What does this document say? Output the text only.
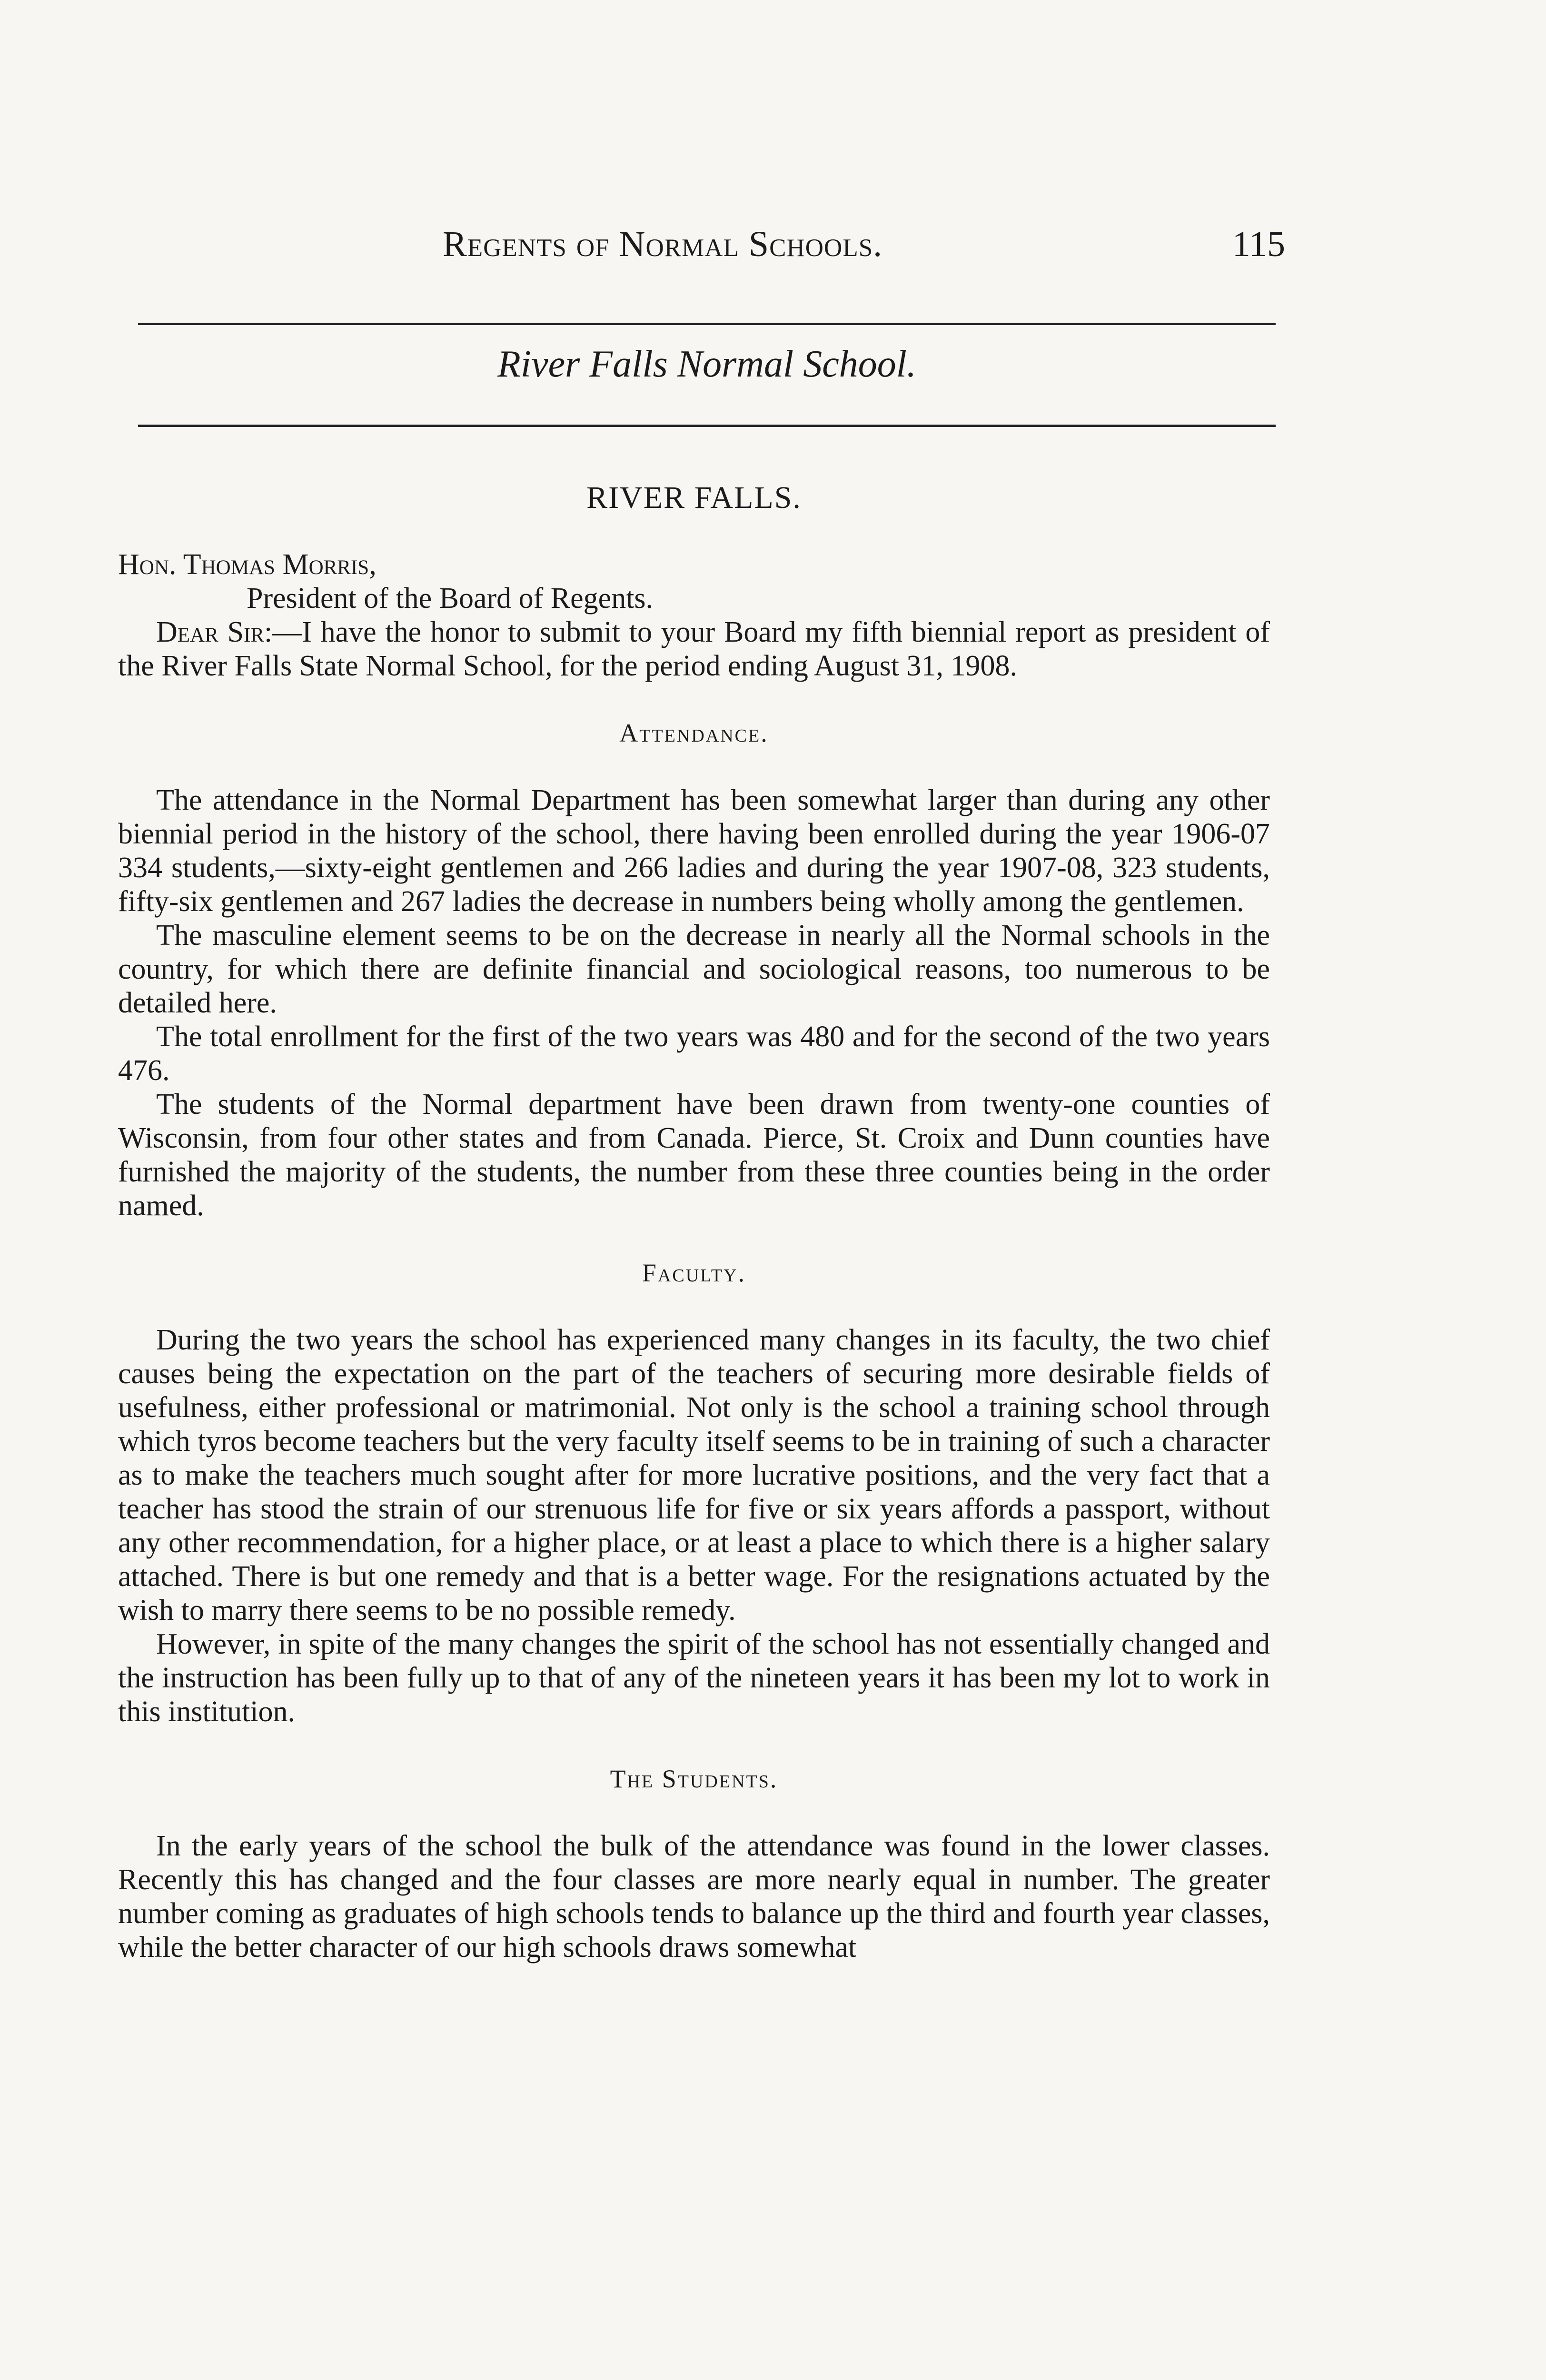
Regents of Normal Schools.	115
River Falls Normal School.
RIVER FALLS.

Hon. Thomas Morris,

President of the Board of Regents.

Dear Sir:—I have the honor to submit to your Board my fifth biennial report as president of the River Falls State Normal School, for the period ending August 31, 1908.

Attendance.

The attendance in the Normal Department has been somewhat larger than during any other biennial period in the history of the school, there having been enrolled during the year 1906-07 334 students,—sixty-eight gentlemen and 266 ladies and during the year 1907-08, 323 students, fifty-six gentlemen and 267 ladies the decrease in numbers being wholly among the gentlemen.

The masculine element seems to be on the decrease in nearly all the Normal schools in the country, for which there are definite financial and sociological reasons, too numerous to be detailed here.

The total enrollment for the first of the two years was 480 and for the second of the two years 476.

The students of the Normal department have been drawn from twenty-one counties of Wisconsin, from four other states and from Canada. Pierce, St. Croix and Dunn counties have furnished the majority of the students, the number from these three counties being in the order named.

Faculty.

During the two years the school has experienced many changes in its faculty, the two chief causes being the expectation on the part of the teachers of securing more desirable fields of usefulness, either professional or matrimonial. Not only is the school a training school through which tyros become teachers but the very faculty itself seems to be in training of such a character as to make the teachers much sought after for more lucrative positions, and the very fact that a teacher has stood the strain of our strenuous life for five or six years affords a passport, without any other recommendation, for a higher place, or at least a place to which there is a higher salary attached. There is but one remedy and that is a better wage. For the resignations actuated by the wish to marry there seems to be no possible remedy.

However, in spite of the many changes the spirit of the school has not essentially changed and the instruction has been fully up to that of any of the nineteen years it has been my lot to work in this institution.

The Students.

In the early years of the school the bulk of the attendance was found in the lower classes. Recently this has changed and the four classes are more nearly equal in number. The greater number coming as graduates of high schools tends to balance up the third and fourth year classes, while the better character of our high schools draws somewhat
